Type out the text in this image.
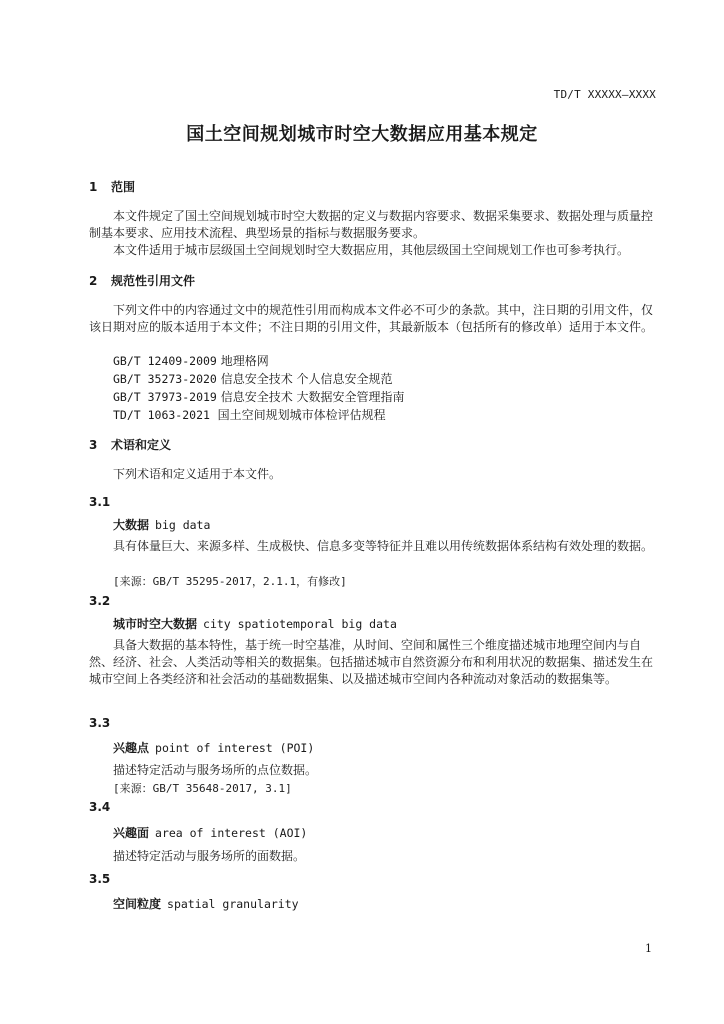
TD/T XXXXX—XXXX
国土空间规划城市时空大数据应用基本规定
1 范围

本文件规定了国土空间规划城市时空大数据的定义与数据内容要求、数据采集要求、数据处理与质量控制基本要求、应用技术流程、典型场景的指标与数据服务要求。

本文件适用于城市层级国土空间规划时空大数据应用，其他层级国土空间规划工作也可参考执行。

2 规范性引用文件

下列文件中的内容通过文中的规范性引用而构成本文件必不可少的条款。其中，注日期的引用文件，仅该日期对应的版本适用于本文件；不注日期的引用文件，其最新版本（包括所有的修改单）适用于本文件。

GB/T 12409-2009 地理格网
GB/T 35273-2020 信息安全技术 个人信息安全规范
GB/T 37973-2019 信息安全技术 大数据安全管理指南
TD/T 1063-2021 国土空间规划城市体检评估规程
3 术语和定义

下列术语和定义适用于本文件。

3.1
大数据 big data

具有体量巨大、来源多样、生成极快、信息多变等特征并且难以用传统数据体系结构有效处理的数据。

[来源：GB/T 35295-2017，2.1.1，有修改]
3.2
城市时空大数据 city spatiotemporal big data

具备大数据的基本特性，基于统一时空基准，从时间、空间和属性三个维度描述城市地理空间内与自然、经济、社会、人类活动等相关的数据集。包括描述城市自然资源分布和利用状况的数据集、描述发生在城市空间上各类经济和社会活动的基础数据集、以及描述城市空间内各种流动对象活动的数据集等。

3.3
兴趣点 point of interest (POI)

描述特定活动与服务场所的点位数据。

[来源：GB/T 35648-2017, 3.1]
3.4
兴趣面 area of interest (AOI)

描述特定活动与服务场所的面数据。

3.5
空间粒度 spatial granularity
1
